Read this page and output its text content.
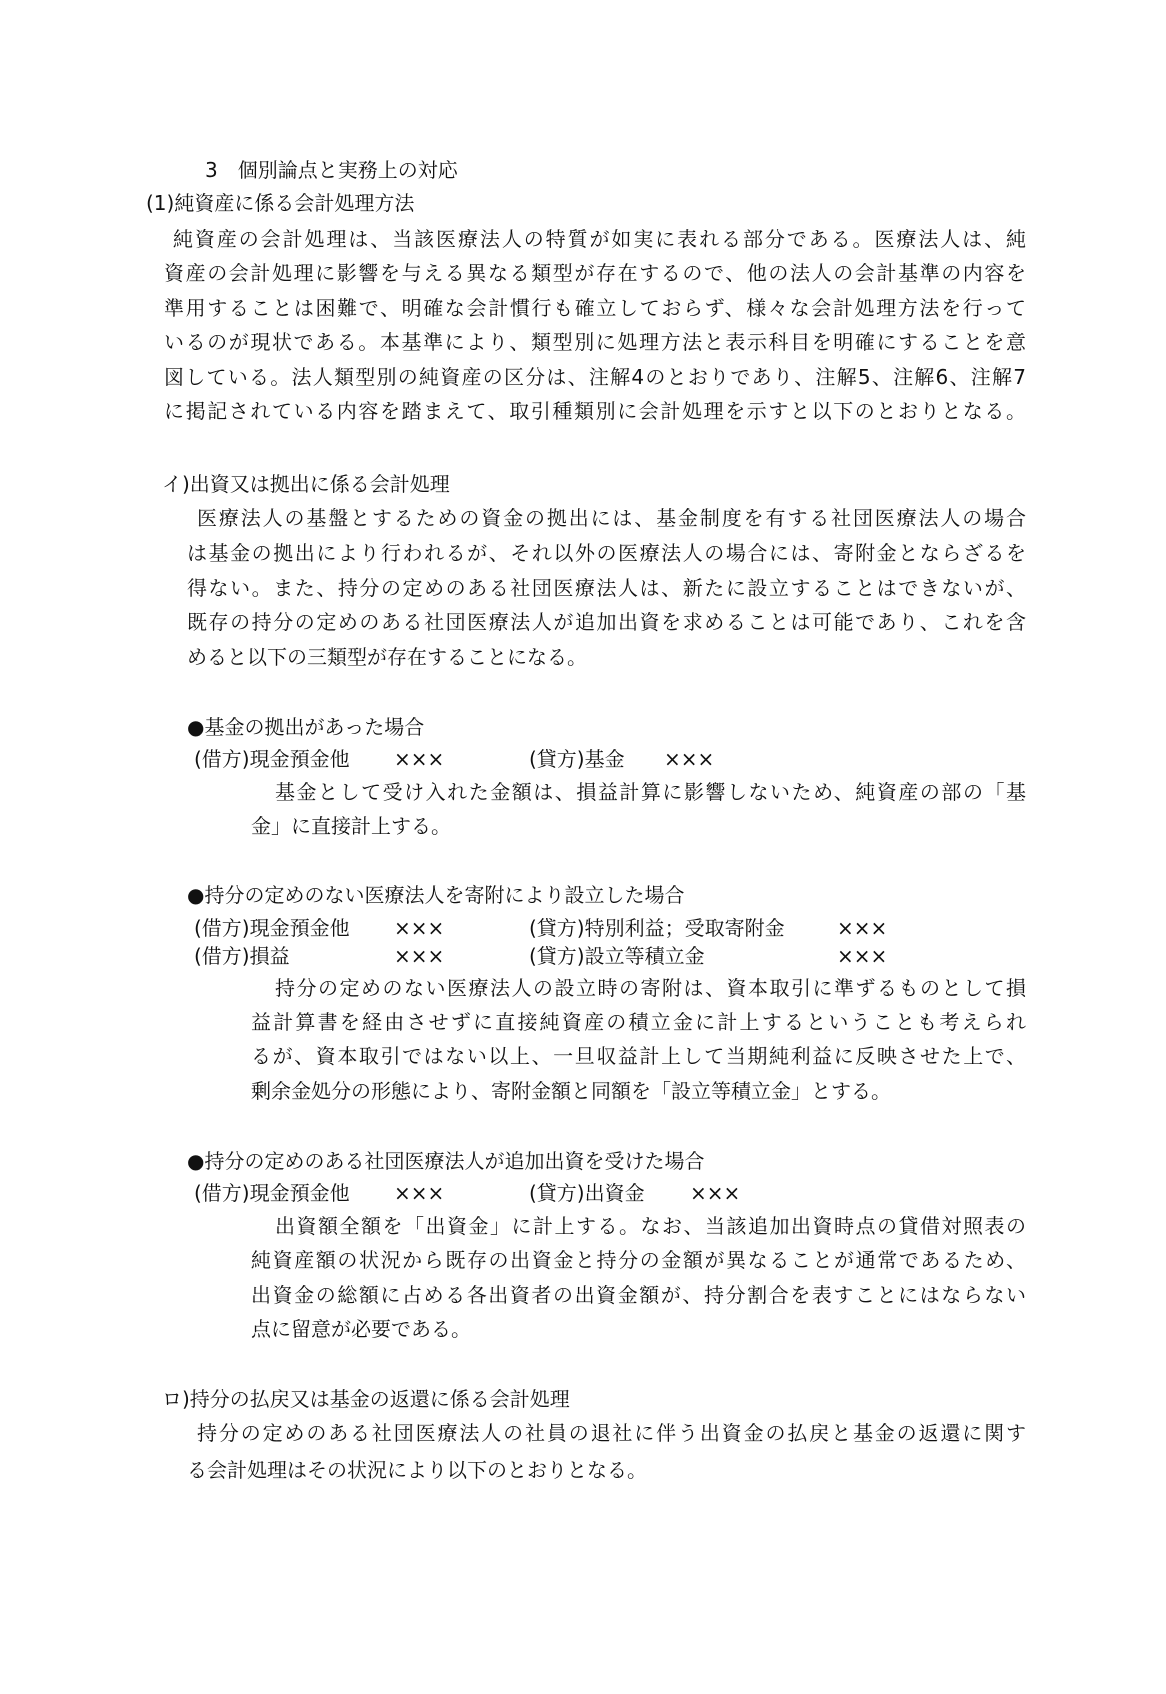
3　個別論点と実務上の対応
(1)純資産に係る会計処理方法
純資産の会計処理は、当該医療法人の特質が如実に表れる部分である。医療法人は、純
資産の会計処理に影響を与える異なる類型が存在するので、他の法人の会計基準の内容を
準用することは困難で、明確な会計慣行も確立しておらず、様々な会計処理方法を行って
いるのが現状である。本基準により、類型別に処理方法と表示科目を明確にすることを意
図している。法人類型別の純資産の区分は、注解4のとおりであり、注解5、注解6、注解7
に掲記されている内容を踏まえて、取引種類別に会計処理を示すと以下のとおりとなる。
イ)出資又は拠出に係る会計処理
医療法人の基盤とするための資金の拠出には、基金制度を有する社団医療法人の場合
は基金の拠出により行われるが、それ以外の医療法人の場合には、寄附金とならざるを
得ない。また、持分の定めのある社団医療法人は、新たに設立することはできないが、
既存の持分の定めのある社団医療法人が追加出資を求めることは可能であり、これを含
めると以下の三類型が存在することになる。
●基金の拠出があった場合
(借方)現金預金他 ×××	(貸方)基金 ×××
基金として受け入れた金額は、損益計算に影響しないため、純資産の部の「基
金」に直接計上する。
●持分の定めのない医療法人を寄附により設立した場合
(借方)現金預金他 ×××	(貸方)特別利益；受取寄附金	×××
(借方)損益	×××	(貸方)設立等積立金	×××
持分の定めのない医療法人の設立時の寄附は、資本取引に準ずるものとして損
益計算書を経由させずに直接純資産の積立金に計上するということも考えられ
るが、資本取引ではない以上、一旦収益計上して当期純利益に反映させた上で、
剰余金処分の形態により、寄附金額と同額を「設立等積立金」とする。
●持分の定めのある社団医療法人が追加出資を受けた場合
(借方)現金預金他 ×××	(貸方)出資金 ×××
出資額全額を「出資金」に計上する。なお、当該追加出資時点の貸借対照表の
純資産額の状況から既存の出資金と持分の金額が異なることが通常であるため、
出資金の総額に占める各出資者の出資金額が、持分割合を表すことにはならない
点に留意が必要である。
ロ)持分の払戻又は基金の返還に係る会計処理
持分の定めのある社団医療法人の社員の退社に伴う出資金の払戻と基金の返還に関す
る会計処理はその状況により以下のとおりとなる。
